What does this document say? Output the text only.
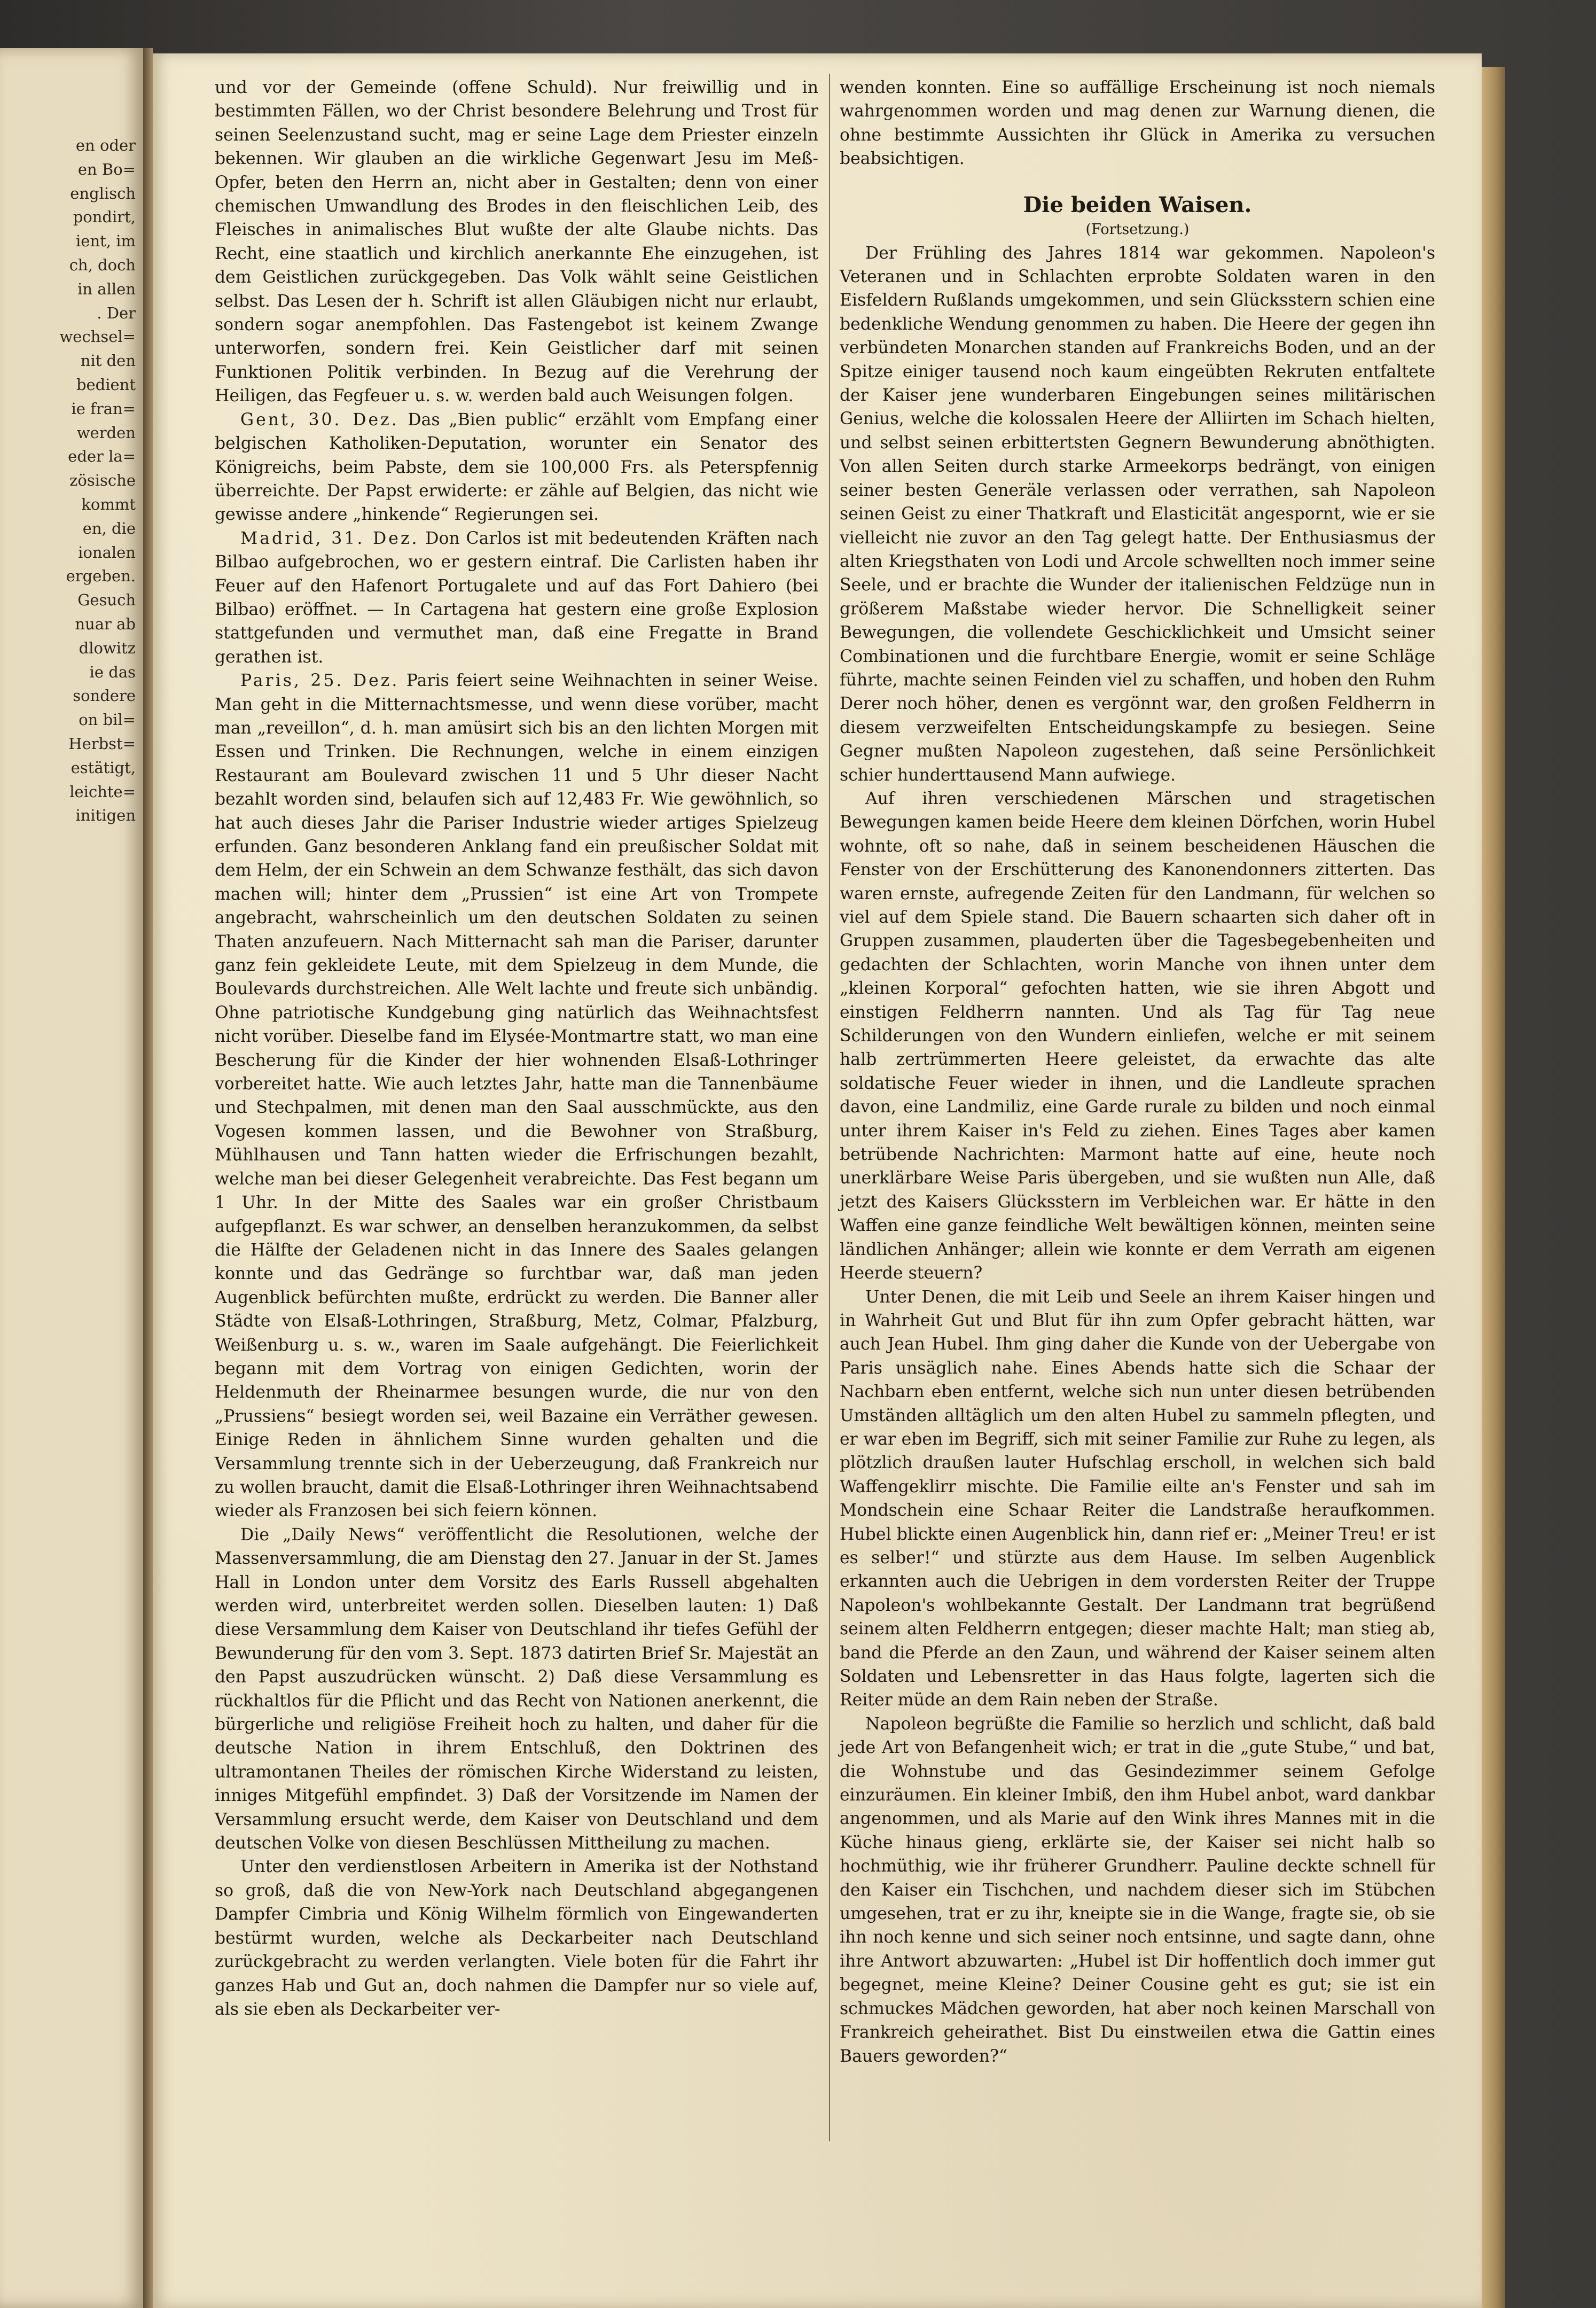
en oder
en Bo=
englisch
pondirt,
ient, im
ch, doch
in allen
. Der
wechsel=
nit den
bedient
ie fran=
werden
eder la=
zösische
kommt
en, die
ionalen
ergeben.
Gesuch
nuar ab
dlowitz
ie das
sondere
on bil=
Herbst=
estätigt,
leichte=
initigen

und vor der Gemeinde (offene Schuld). Nur freiwillig und in bestimmten Fällen, wo der Christ besondere Belehrung und Trost für seinen Seelenzustand sucht, mag er seine Lage dem Priester einzeln bekennen. Wir glauben an die wirkliche Gegenwart Jesu im Meß-Opfer, beten den Herrn an, nicht aber in Gestalten; denn von einer chemischen Umwandlung des Brodes in den fleischlichen Leib, des Fleisches in animalisches Blut wußte der alte Glaube nichts. Das Recht, eine staatlich und kirchlich anerkannte Ehe einzugehen, ist dem Geistlichen zurückgegeben. Das Volk wählt seine Geistlichen selbst. Das Lesen der h. Schrift ist allen Gläubigen nicht nur erlaubt, sondern sogar anempfohlen. Das Fastengebot ist keinem Zwange unterworfen, sondern frei. Kein Geistlicher darf mit seinen Funktionen Politik verbinden. In Bezug auf die Verehrung der Heiligen, das Fegfeuer u. s. w. werden bald auch Weisungen folgen.

Gent, 30. Dez. Das „Bien public“ erzählt vom Empfang einer belgischen Katholiken-Deputation, worunter ein Senator des Königreichs, beim Pabste, dem sie 100,000 Frs. als Peterspfennig überreichte. Der Papst erwiderte: er zähle auf Belgien, das nicht wie gewisse andere „hinkende“ Regierungen sei.

Madrid, 31. Dez. Don Carlos ist mit bedeutenden Kräften nach Bilbao aufgebrochen, wo er gestern eintraf. Die Carlisten haben ihr Feuer auf den Hafenort Portugalete und auf das Fort Dahiero (bei Bilbao) eröffnet. — In Cartagena hat gestern eine große Explosion stattgefunden und vermuthet man, daß eine Fregatte in Brand gerathen ist.

Paris, 25. Dez. Paris feiert seine Weihnachten in seiner Weise. Man geht in die Mitternachtsmesse, und wenn diese vorüber, macht man „reveillon“, d. h. man amüsirt sich bis an den lichten Morgen mit Essen und Trinken. Die Rechnungen, welche in einem einzigen Restaurant am Boulevard zwischen 11 und 5 Uhr dieser Nacht bezahlt worden sind, belaufen sich auf 12,483 Fr. Wie gewöhnlich, so hat auch dieses Jahr die Pariser Industrie wieder artiges Spielzeug erfunden. Ganz besonderen Anklang fand ein preußischer Soldat mit dem Helm, der ein Schwein an dem Schwanze festhält, das sich davon machen will; hinter dem „Prussien“ ist eine Art von Trompete angebracht, wahrscheinlich um den deutschen Soldaten zu seinen Thaten anzufeuern. Nach Mitternacht sah man die Pariser, darunter ganz fein gekleidete Leute, mit dem Spielzeug in dem Munde, die Boulevards durchstreichen. Alle Welt lachte und freute sich unbändig. Ohne patriotische Kundgebung ging natürlich das Weihnachtsfest nicht vorüber. Dieselbe fand im Elysée-Montmartre statt, wo man eine Bescherung für die Kinder der hier wohnenden Elsaß-Lothringer vorbereitet hatte. Wie auch letztes Jahr, hatte man die Tannenbäume und Stechpalmen, mit denen man den Saal ausschmückte, aus den Vogesen kommen lassen, und die Bewohner von Straßburg, Mühlhausen und Tann hatten wieder die Erfrischungen bezahlt, welche man bei dieser Gelegenheit verabreichte. Das Fest begann um 1 Uhr. In der Mitte des Saales war ein großer Christbaum aufgepflanzt. Es war schwer, an denselben heranzukommen, da selbst die Hälfte der Geladenen nicht in das Innere des Saales gelangen konnte und das Gedränge so furchtbar war, daß man jeden Augenblick befürchten mußte, erdrückt zu werden. Die Banner aller Städte von Elsaß-Lothringen, Straßburg, Metz, Colmar, Pfalzburg, Weißenburg u. s. w., waren im Saale aufgehängt. Die Feierlichkeit begann mit dem Vortrag von einigen Gedichten, worin der Heldenmuth der Rheinarmee besungen wurde, die nur von den „Prussiens“ besiegt worden sei, weil Bazaine ein Verräther gewesen. Einige Reden in ähnlichem Sinne wurden gehalten und die Versammlung trennte sich in der Ueberzeugung, daß Frankreich nur zu wollen braucht, damit die Elsaß-Lothringer ihren Weihnachtsabend wieder als Franzosen bei sich feiern können.

Die „Daily News“ veröffentlicht die Resolutionen, welche der Massenversammlung, die am Dienstag den 27. Januar in der St. James Hall in London unter dem Vorsitz des Earls Russell abgehalten werden wird, unterbreitet werden sollen. Dieselben lauten: 1) Daß diese Versammlung dem Kaiser von Deutschland ihr tiefes Gefühl der Bewunderung für den vom 3. Sept. 1873 datirten Brief Sr. Majestät an den Papst auszudrücken wünscht. 2) Daß diese Versammlung es rückhaltlos für die Pflicht und das Recht von Nationen anerkennt, die bürgerliche und religiöse Freiheit hoch zu halten, und daher für die deutsche Nation in ihrem Entschluß, den Doktrinen des ultramontanen Theiles der römischen Kirche Widerstand zu leisten, inniges Mitgefühl empfindet. 3) Daß der Vorsitzende im Namen der Versammlung ersucht werde, dem Kaiser von Deutschland und dem deutschen Volke von diesen Beschlüssen Mittheilung zu machen.

Unter den verdienstlosen Arbeitern in Amerika ist der Nothstand so groß, daß die von New-York nach Deutschland abgegangenen Dampfer Cimbria und König Wilhelm förmlich von Eingewanderten bestürmt wurden, welche als Deckarbeiter nach Deutschland zurückgebracht zu werden verlangten. Viele boten für die Fahrt ihr ganzes Hab und Gut an, doch nahmen die Dampfer nur so viele auf, als sie eben als Deckarbeiter ver-

wenden konnten. Eine so auffällige Erscheinung ist noch niemals wahrgenommen worden und mag denen zur Warnung dienen, die ohne bestimmte Aussichten ihr Glück in Amerika zu versuchen beabsichtigen.

Die beiden Waisen.
(Fortsetzung.)

Der Frühling des Jahres 1814 war gekommen. Napoleon's Veteranen und in Schlachten erprobte Soldaten waren in den Eisfeldern Rußlands umgekommen, und sein Glücksstern schien eine bedenkliche Wendung genommen zu haben. Die Heere der gegen ihn verbündeten Monarchen standen auf Frankreichs Boden, und an der Spitze einiger tausend noch kaum eingeübten Rekruten entfaltete der Kaiser jene wunderbaren Eingebungen seines militärischen Genius, welche die kolossalen Heere der Alliirten im Schach hielten, und selbst seinen erbittertsten Gegnern Bewunderung abnöthigten. Von allen Seiten durch starke Armeekorps bedrängt, von einigen seiner besten Generäle verlassen oder verrathen, sah Napoleon seinen Geist zu einer Thatkraft und Elasticität angespornt, wie er sie vielleicht nie zuvor an den Tag gelegt hatte. Der Enthusiasmus der alten Kriegsthaten von Lodi und Arcole schwellten noch immer seine Seele, und er brachte die Wunder der italienischen Feldzüge nun in größerem Maßstabe wieder hervor. Die Schnelligkeit seiner Bewegungen, die vollendete Geschicklichkeit und Umsicht seiner Combinationen und die furchtbare Energie, womit er seine Schläge führte, machte seinen Feinden viel zu schaffen, und hoben den Ruhm Derer noch höher, denen es vergönnt war, den großen Feldherrn in diesem verzweifelten Entscheidungskampfe zu besiegen. Seine Gegner mußten Napoleon zugestehen, daß seine Persönlichkeit schier hunderttausend Mann aufwiege.

Auf ihren verschiedenen Märschen und stragetischen Bewegungen kamen beide Heere dem kleinen Dörfchen, worin Hubel wohnte, oft so nahe, daß in seinem bescheidenen Häuschen die Fenster von der Erschütterung des Kanonendonners zitterten. Das waren ernste, aufregende Zeiten für den Landmann, für welchen so viel auf dem Spiele stand. Die Bauern schaarten sich daher oft in Gruppen zusammen, plauderten über die Tagesbegebenheiten und gedachten der Schlachten, worin Manche von ihnen unter dem „kleinen Korporal“ gefochten hatten, wie sie ihren Abgott und einstigen Feldherrn nannten. Und als Tag für Tag neue Schilderungen von den Wundern einliefen, welche er mit seinem halb zertrümmerten Heere geleistet, da erwachte das alte soldatische Feuer wieder in ihnen, und die Landleute sprachen davon, eine Landmiliz, eine Garde rurale zu bilden und noch einmal unter ihrem Kaiser in's Feld zu ziehen. Eines Tages aber kamen betrübende Nachrichten: Marmont hatte auf eine, heute noch unerklärbare Weise Paris übergeben, und sie wußten nun Alle, daß jetzt des Kaisers Glücksstern im Verbleichen war. Er hätte in den Waffen eine ganze feindliche Welt bewältigen können, meinten seine ländlichen Anhänger; allein wie konnte er dem Verrath am eigenen Heerde steuern?

Unter Denen, die mit Leib und Seele an ihrem Kaiser hingen und in Wahrheit Gut und Blut für ihn zum Opfer gebracht hätten, war auch Jean Hubel. Ihm ging daher die Kunde von der Uebergabe von Paris unsäglich nahe. Eines Abends hatte sich die Schaar der Nachbarn eben entfernt, welche sich nun unter diesen betrübenden Umständen alltäglich um den alten Hubel zu sammeln pflegten, und er war eben im Begriff, sich mit seiner Familie zur Ruhe zu legen, als plötzlich draußen lauter Hufschlag erscholl, in welchen sich bald Waffengeklirr mischte. Die Familie eilte an's Fenster und sah im Mondschein eine Schaar Reiter die Landstraße heraufkommen. Hubel blickte einen Augenblick hin, dann rief er: „Meiner Treu! er ist es selber!“ und stürzte aus dem Hause. Im selben Augenblick erkannten auch die Uebrigen in dem vordersten Reiter der Truppe Napoleon's wohlbekannte Gestalt. Der Landmann trat begrüßend seinem alten Feldherrn entgegen; dieser machte Halt; man stieg ab, band die Pferde an den Zaun, und während der Kaiser seinem alten Soldaten und Lebensretter in das Haus folgte, lagerten sich die Reiter müde an dem Rain neben der Straße.

Napoleon begrüßte die Familie so herzlich und schlicht, daß bald jede Art von Befangenheit wich; er trat in die „gute Stube,“ und bat, die Wohnstube und das Gesindezimmer seinem Gefolge einzuräumen. Ein kleiner Imbiß, den ihm Hubel anbot, ward dankbar angenommen, und als Marie auf den Wink ihres Mannes mit in die Küche hinaus gieng, erklärte sie, der Kaiser sei nicht halb so hochmüthig, wie ihr früherer Grundherr. Pauline deckte schnell für den Kaiser ein Tischchen, und nachdem dieser sich im Stübchen umgesehen, trat er zu ihr, kneipte sie in die Wange, fragte sie, ob sie ihn noch kenne und sich seiner noch entsinne, und sagte dann, ohne ihre Antwort abzuwarten: „Hubel ist Dir hoffentlich doch immer gut begegnet, meine Kleine? Deiner Cousine geht es gut; sie ist ein schmuckes Mädchen geworden, hat aber noch keinen Marschall von Frankreich geheirathet. Bist Du einstweilen etwa die Gattin eines Bauers geworden?“
